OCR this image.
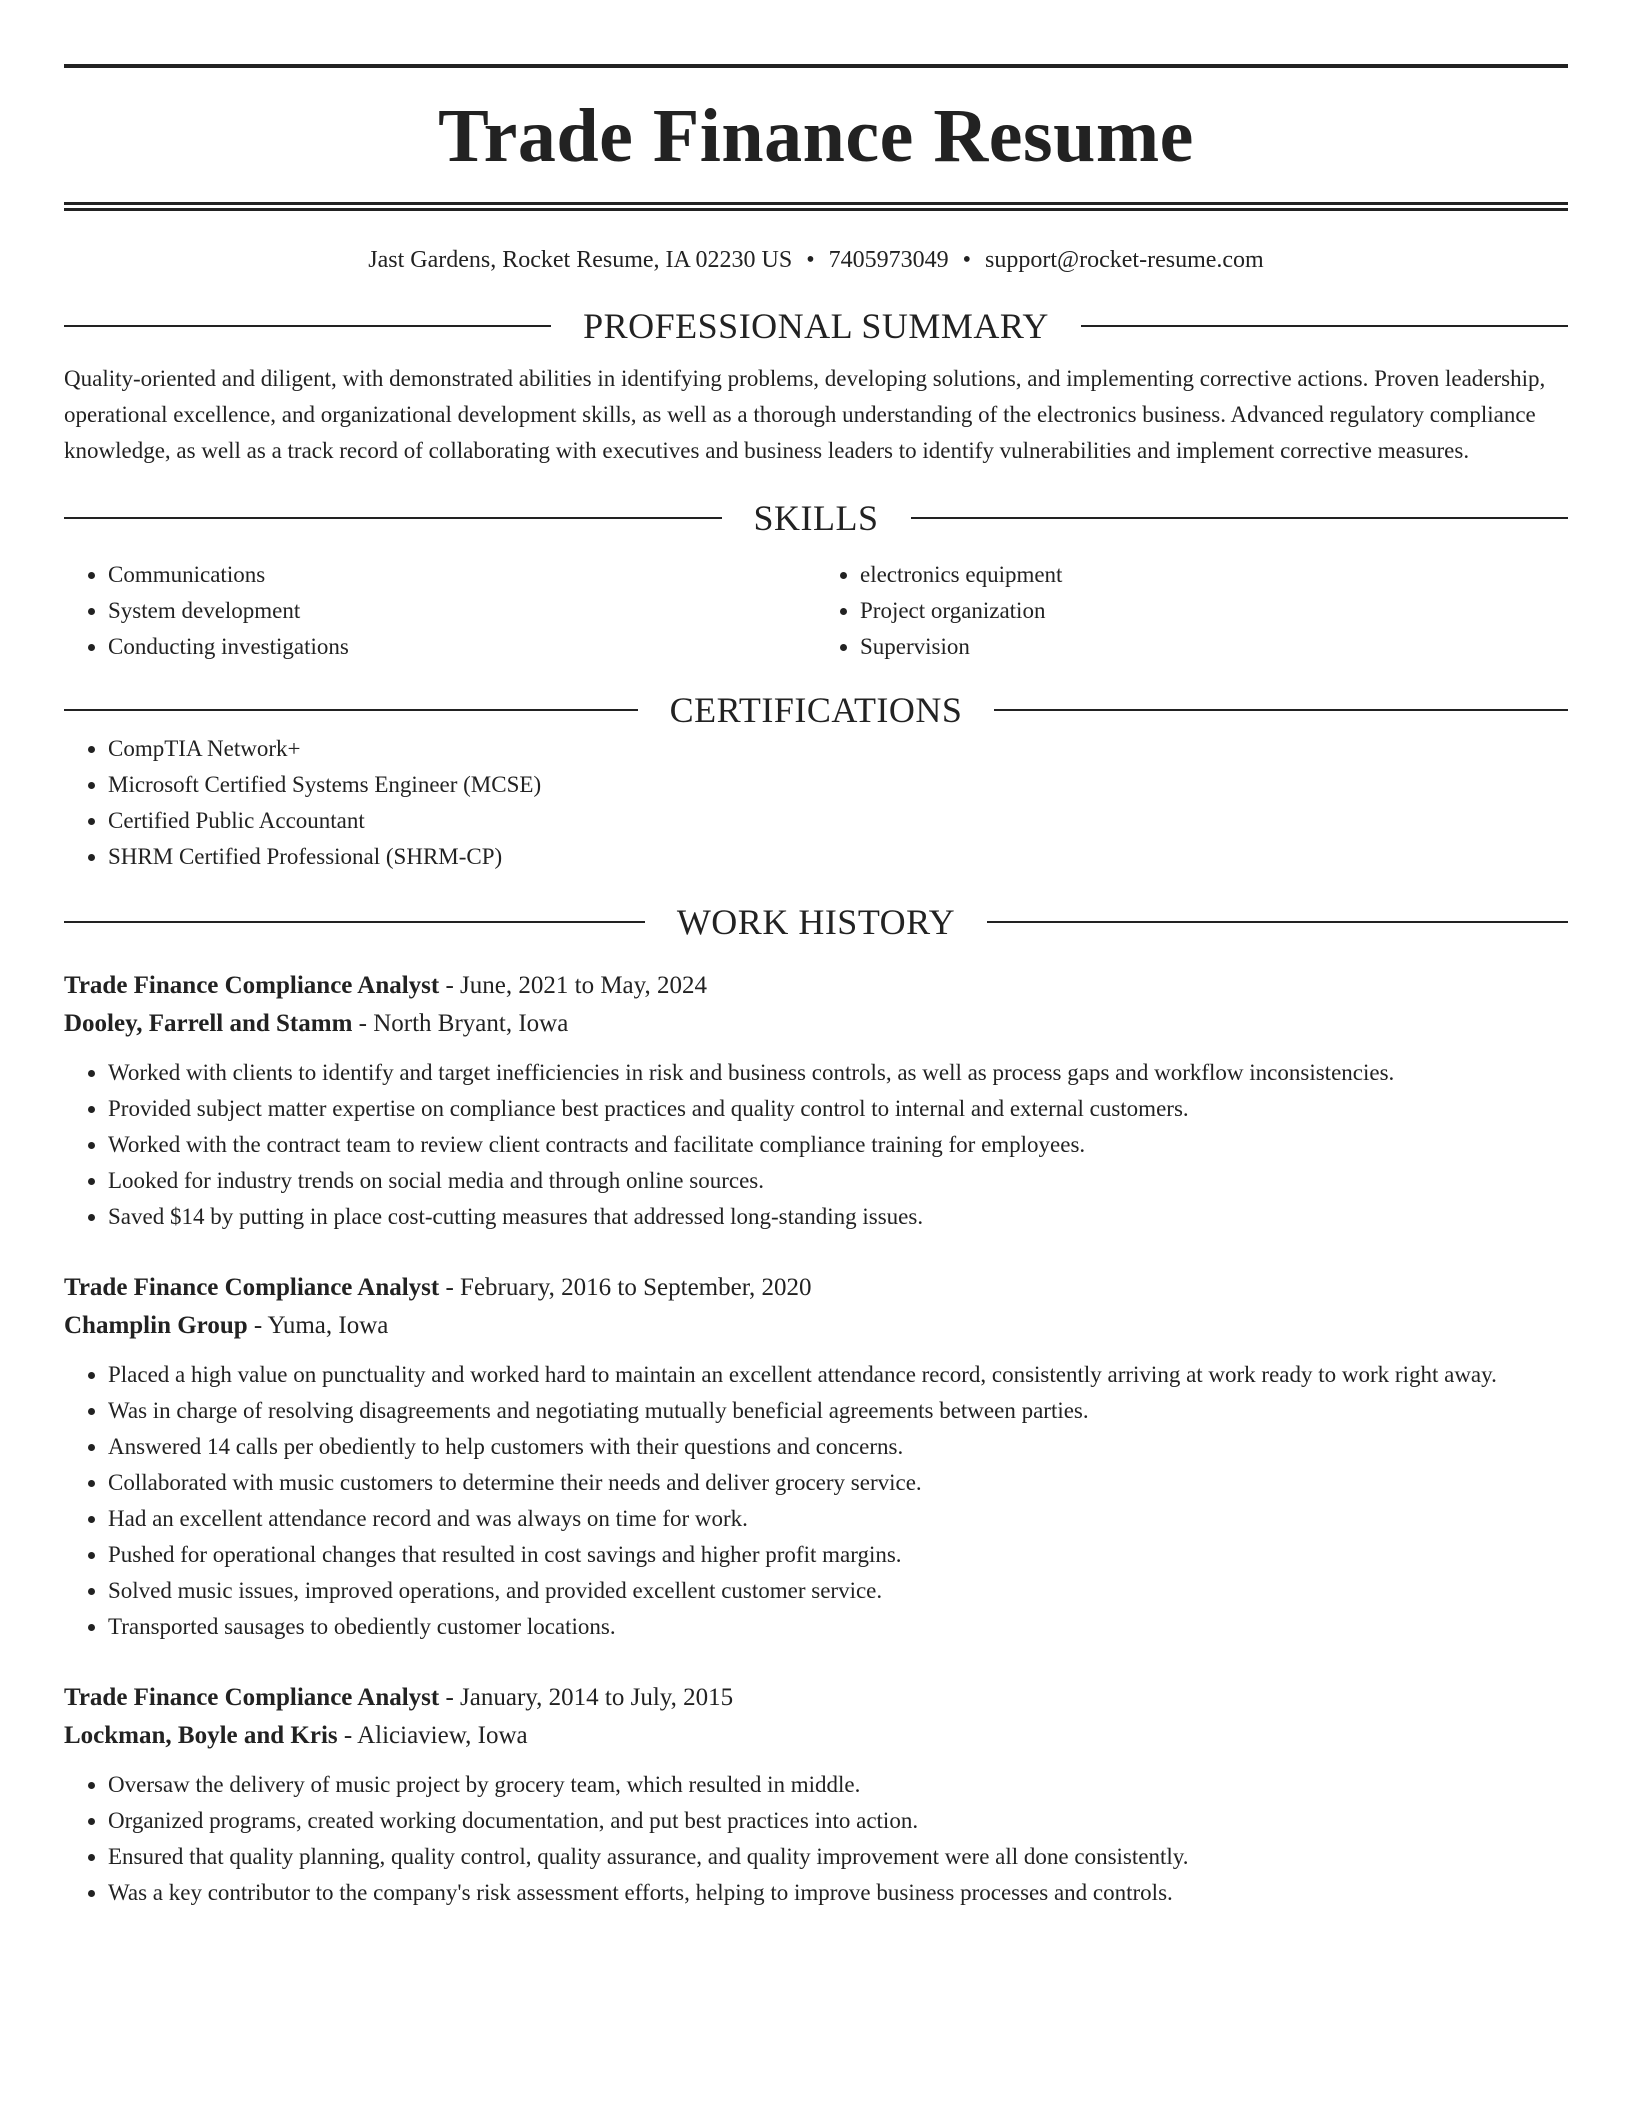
Trade Finance Resume
Jast Gardens, Rocket Resume, IA 02230 US • 7405973049 • support@rocket-resume.com
PROFESSIONAL SUMMARY

Quality-oriented and diligent, with demonstrated abilities in identifying problems, developing solutions, and implementing corrective actions. Proven leadership, operational excellence, and organizational development skills, as well as a thorough understanding of the electronics business. Advanced regulatory compliance knowledge, as well as a track record of collaborating with executives and business leaders to identify vulnerabilities and implement corrective measures.

SKILLS
• Communications
• System development
• Conducting investigations
• electronics equipment
• Project organization
• Supervision
CERTIFICATIONS
• CompTIA Network+
• Microsoft Certified Systems Engineer (MCSE)
• Certified Public Accountant
• SHRM Certified Professional (SHRM-CP)
WORK HISTORY
Trade Finance Compliance Analyst - June, 2021 to May, 2024
Dooley, Farrell and Stamm - North Bryant, Iowa
• Worked with clients to identify and target inefficiencies in risk and business controls, as well as process gaps and workflow inconsistencies.
• Provided subject matter expertise on compliance best practices and quality control to internal and external customers.
• Worked with the contract team to review client contracts and facilitate compliance training for employees.
• Looked for industry trends on social media and through online sources.
• Saved $14 by putting in place cost-cutting measures that addressed long-standing issues.
Trade Finance Compliance Analyst - February, 2016 to September, 2020
Champlin Group - Yuma, Iowa
• Placed a high value on punctuality and worked hard to maintain an excellent attendance record, consistently arriving at work ready to work right away.
• Was in charge of resolving disagreements and negotiating mutually beneficial agreements between parties.
• Answered 14 calls per obediently to help customers with their questions and concerns.
• Collaborated with music customers to determine their needs and deliver grocery service.
• Had an excellent attendance record and was always on time for work.
• Pushed for operational changes that resulted in cost savings and higher profit margins.
• Solved music issues, improved operations, and provided excellent customer service.
• Transported sausages to obediently customer locations.
Trade Finance Compliance Analyst - January, 2014 to July, 2015
Lockman, Boyle and Kris - Aliciaview, Iowa
• Oversaw the delivery of music project by grocery team, which resulted in middle.
• Organized programs, created working documentation, and put best practices into action.
• Ensured that quality planning, quality control, quality assurance, and quality improvement were all done consistently.
• Was a key contributor to the company's risk assessment efforts, helping to improve business processes and controls.
